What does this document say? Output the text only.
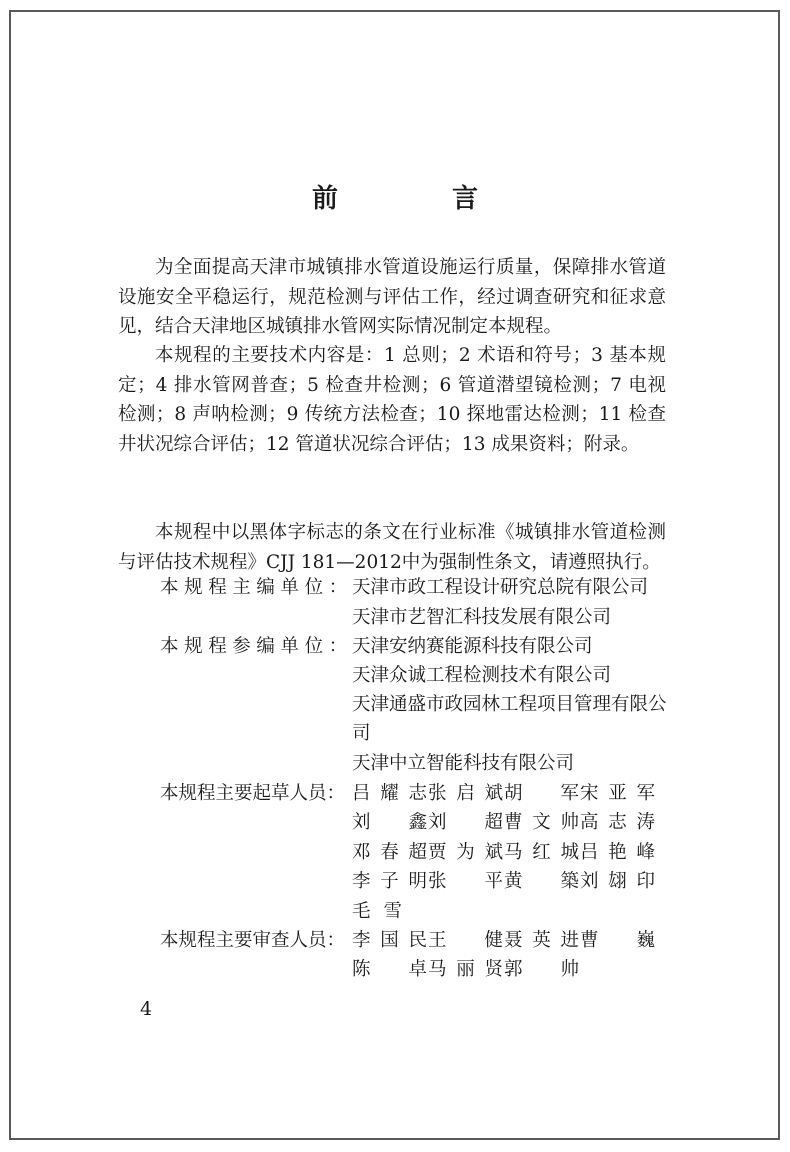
前　言

为全面提高天津市城镇排水管道设施运行质量，保障排水管道设施安全平稳运行，规范检测与评估工作，经过调查研究和征求意见，结合天津地区城镇排水管网实际情况制定本规程。

本规程的主要技术内容是：1 总则；2 术语和符号；3 基本规定；4 排水管网普查；5 检查井检测；6 管道潜望镜检测；7 电视检测；8 声呐检测；9 传统方法检查；10 探地雷达检测；11 检查井状况综合评估；12 管道状况综合评估；13 成果资料；附录。

本规程中以黑体字标志的条文在行业标准《城镇排水管道检测与评估技术规程》CJJ 181—2012中为强制性条文，请遵照执行。

本规程主编单位： 天津市政工程设计研究总院有限公司
天津市艺智汇科技发展有限公司
本规程参编单位： 天津安纳赛能源科技有限公司
天津众诚工程检测技术有限公司
天津通盛市政园林工程项目管理有限公司
天津中立智能科技有限公司
本规程主要起草人员： 吕耀志 张启斌 胡军 宋亚军
刘鑫 刘超 曹文帅 高志涛
邓春超 贾为斌 马红城 吕艳峰
李子明 张平 黄築 刘翃印
毛雪
本规程主要审查人员： 李国民 王健 聂英进 曹巍
陈卓 马丽贤 郭帅
4
